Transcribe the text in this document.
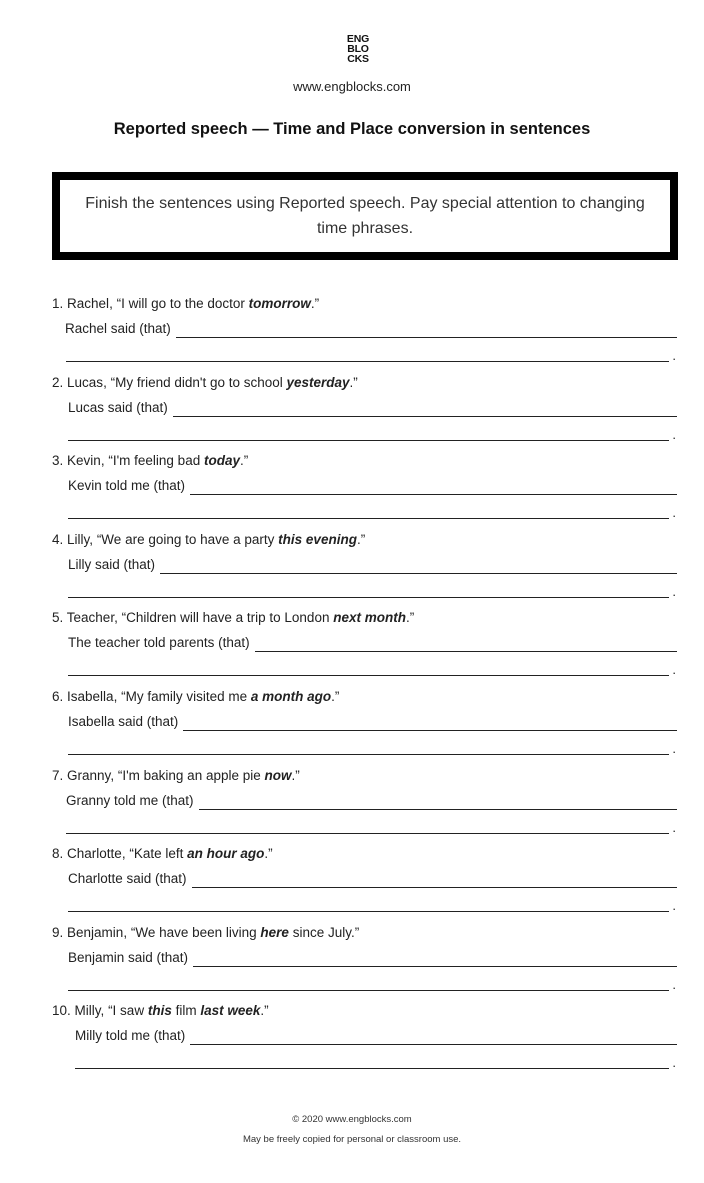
ENG
BLO
CKS
www.engblocks.com
Reported speech — Time and Place conversion in sentences
Finish the sentences using Reported speech. Pay special attention to changing time phrases.
1. Rachel, “I will go to the doctor tomorrow.”
Rachel said (that)
.
2. Lucas, “My friend didn't go to school yesterday.”
Lucas said (that)
.
3. Kevin, “I'm feeling bad today.”
Kevin told me (that)
.
4. Lilly, “We are going to have a party this evening.”
Lilly said (that)
.
5. Teacher, “Children will have a trip to London next month.”
The teacher told parents (that)
.
6. Isabella, “My family visited me a month ago.”
Isabella said (that)
.
7. Granny, “I'm baking an apple pie now.”
Granny told me (that)
.
8. Charlotte, “Kate left an hour ago.”
Charlotte said (that)
.
9. Benjamin, “We have been living here since July.”
Benjamin said (that)
.
10. Milly, “I saw this film last week.”
Milly told me (that)
.
© 2020 www.engblocks.com
May be freely copied for personal or classroom use.
